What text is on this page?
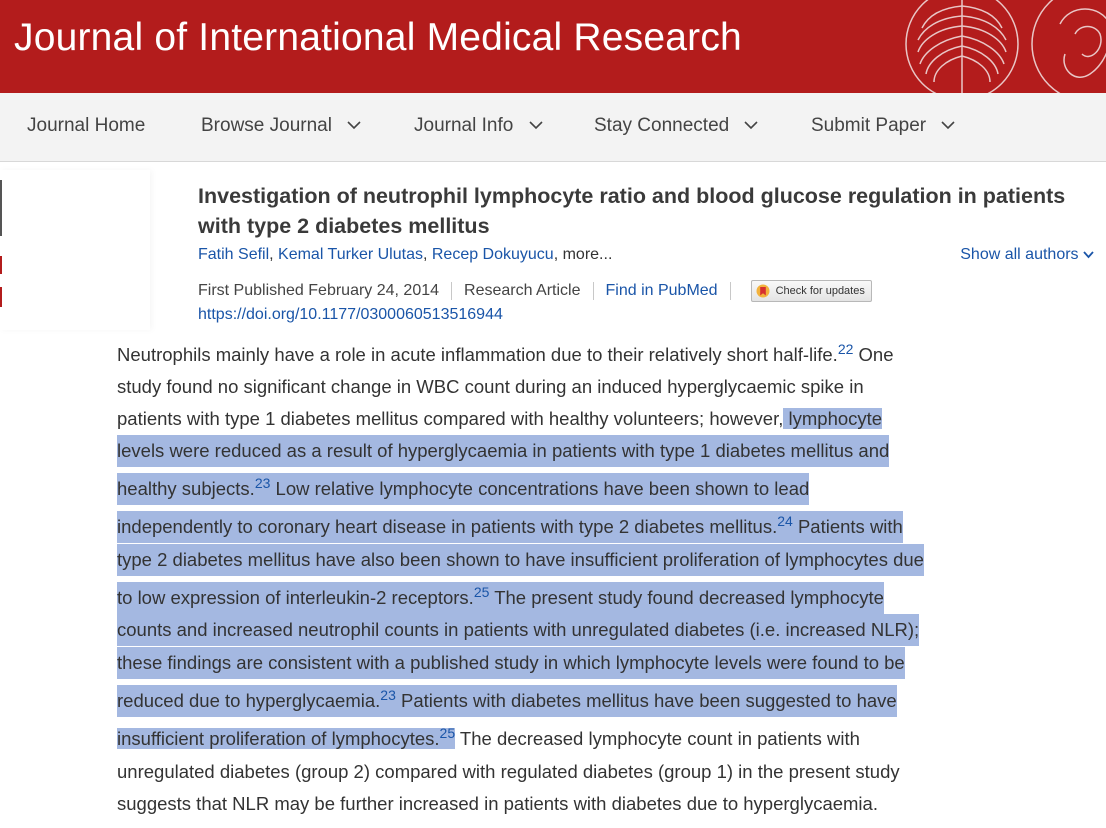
Journal of International Medical Research
Journal Home	Browse Journal	Journal Info	Stay Connected	Submit Paper
Investigation of neutrophil lymphocyte ratio and blood glucose regulation in patients with type 2 diabetes mellitus
Fatih Sefil, Kemal Turker Ulutas, Recep Dokuyucu, more...	Show all authors
First Published February 24, 2014 Research Article Find in PubMed	Check for updates
https://doi.org/10.1177/0300060513516944
Neutrophils mainly have a role in acute inflammation due to their relatively short half-life.$^{22}$ One
study found no significant change in WBC count during an induced hyperglycaemic spike in
patients with type 1 diabetes mellitus compared with healthy volunteers; however, lymphocyte
levels were reduced as a result of hyperglycaemia in patients with type 1 diabetes mellitus and
healthy subjects.$^{23}$ Low relative lymphocyte concentrations have been shown to lead
independently to coronary heart disease in patients with type 2 diabetes mellitus.$^{24}$ Patients with
type 2 diabetes mellitus have also been shown to have insufficient proliferation of lymphocytes due
to low expression of interleukin-2 receptors.$^{25}$ The present study found decreased lymphocyte
counts and increased neutrophil counts in patients with unregulated diabetes (i.e. increased NLR);
these findings are consistent with a published study in which lymphocyte levels were found to be
reduced due to hyperglycaemia.$^{23}$ Patients with diabetes mellitus have been suggested to have
insufficient proliferation of lymphocytes.$^{25}$ The decreased lymphocyte count in patients with
unregulated diabetes (group 2) compared with regulated diabetes (group 1) in the present study
suggests that NLR may be further increased in patients with diabetes due to hyperglycaemia.
